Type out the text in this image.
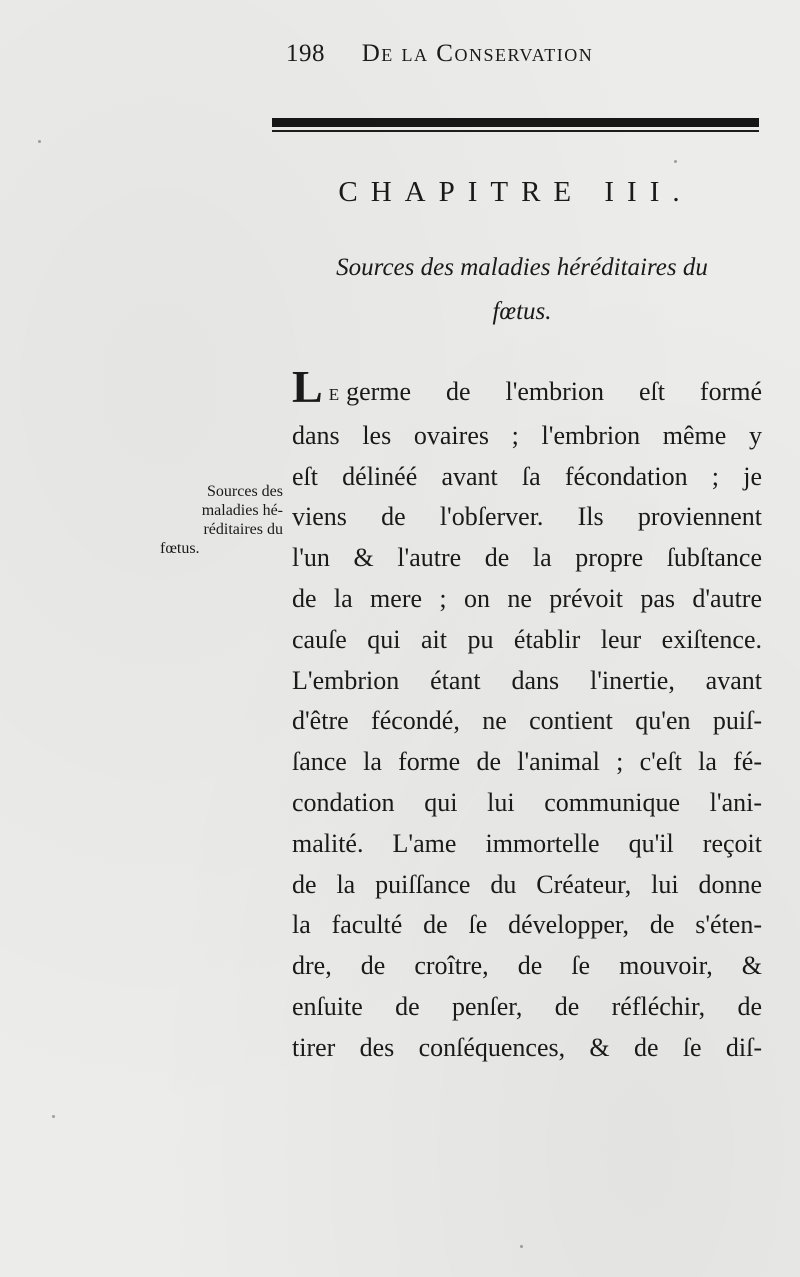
198 De la Conservation
CHAPITRE III.
Sources des maladies héréditaires du
fœtus.
Sources des
maladies hé-
réditaires du
fœtus.
L E germe de l'embrion eſt formé
dans les ovaires ; l'embrion même y
eſt délinéé avant ſa fécondation ; je
viens de l'obſerver. Ils proviennent
l'un & l'autre de la propre ſubſtance
de la mere ; on ne prévoit pas d'autre
cauſe qui ait pu établir leur exiſtence.
L'embrion étant dans l'inertie, avant
d'être fécondé, ne contient qu'en puiſ-
ſance la forme de l'animal ; c'eſt la fé-
condation qui lui communique l'ani-
malité. L'ame immortelle qu'il reçoit
de la puiſſance du Créateur, lui donne
la faculté de ſe développer, de s'éten-
dre, de croître, de ſe mouvoir, &
enſuite de penſer, de réfléchir, de
tirer des conſéquences, & de ſe diſ-
